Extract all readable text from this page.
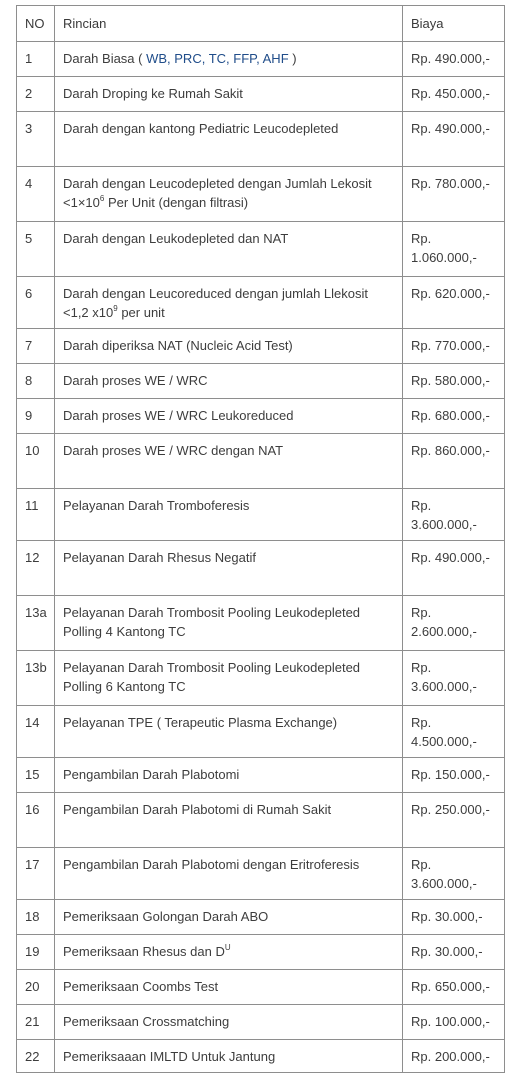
NO	Rincian	Biaya
1	Darah Biasa ( WB, PRC, TC, FFP, AHF )	Rp. 490.000,-
2	Darah Droping ke Rumah Sakit	Rp. 450.000,-
3	Darah dengan kantong Pediatric Leucodepleted	Rp. 490.000,-
4	Darah dengan Leucodepleted dengan Jumlah Lekosit $<1\times 10^6$ Per Unit (dengan filtrasi)	Rp. 780.000,-
5	Darah dengan Leukodepleted dan NAT	Rp. 1.060.000,-
6	Darah dengan Leucoreduced dengan jumlah Llekosit <1,2 $x10^9$ per unit	Rp. 620.000,-
7	Darah diperiksa NAT (Nucleic Acid Test)	Rp. 770.000,-
8	Darah proses WE / WRC	Rp. 580.000,-
9	Darah proses WE / WRC Leukoreduced	Rp. 680.000,-
10	Darah proses WE / WRC dengan NAT	Rp. 860.000,-
11	Pelayanan Darah Tromboferesis	Rp. 3.600.000,-
12	Pelayanan Darah Rhesus Negatif	Rp. 490.000,-
13a	Pelayanan Darah Trombosit Pooling Leukodepleted Polling 4 Kantong TC	Rp. 2.600.000,-
13b	Pelayanan Darah Trombosit Pooling Leukodepleted Polling 6 Kantong TC	Rp. 3.600.000,-
14	Pelayanan TPE ( Terapeutic Plasma Exchange)	Rp. 4.500.000,-
15	Pengambilan Darah Plabotomi	Rp. 150.000,-
16	Pengambilan Darah Plabotomi di Rumah Sakit	Rp. 250.000,-
17	Pengambilan Darah Plabotomi dengan Eritroferesis	Rp. 3.600.000,-
18	Pemeriksaan Golongan Darah ABO	Rp. 30.000,-
19	Pemeriksaan Rhesus dan $D^U$	Rp. 30.000,-
20	Pemeriksaan Coombs Test	Rp. 650.000,-
21	Pemeriksaan Crossmatching	Rp. 100.000,-
22	Pemeriksaaan IMLTD Untuk Jantung	Rp. 200.000,-
